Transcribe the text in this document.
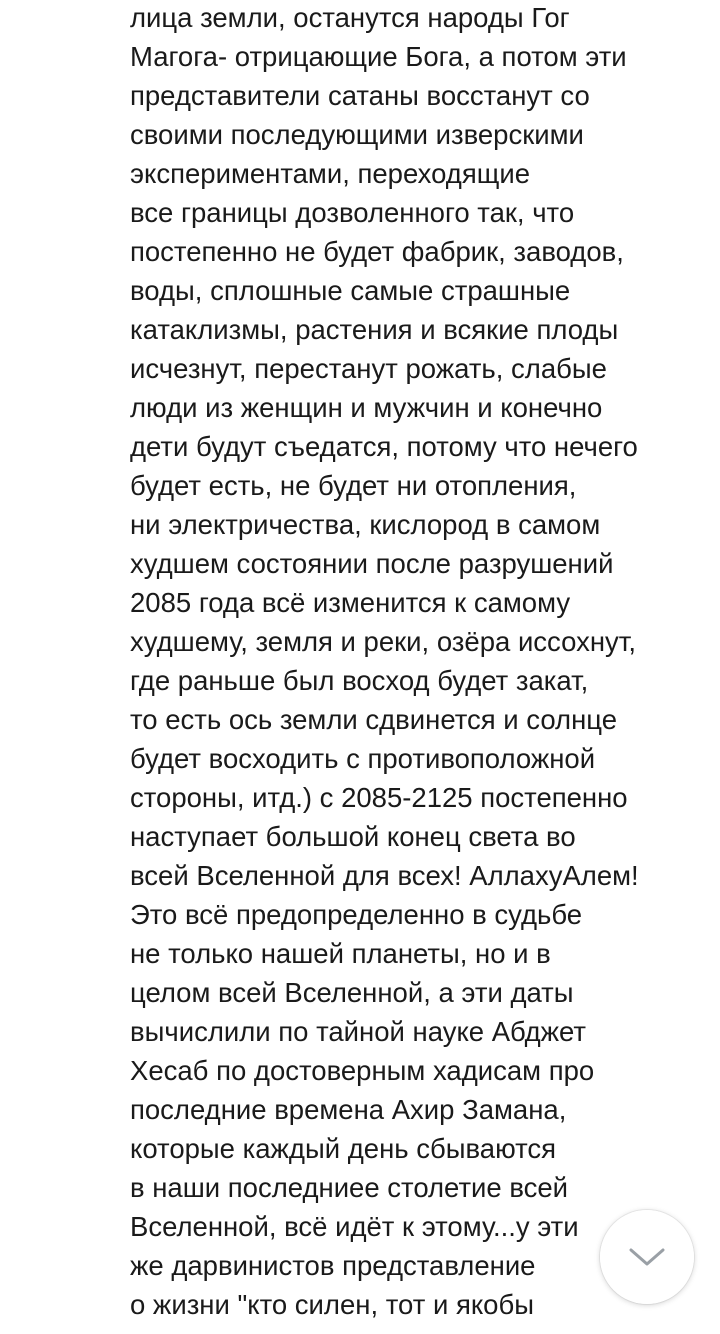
лица земли, останутся народы Гог
Магога- отрицающие Бога, а потом эти
представители сатаны восстанут со
своими последующими изверскими
экспериментами, переходящие
все границы дозволенного так, что
постепенно не будет фабрик, заводов,
воды, сплошные самые страшные
катаклизмы, растения и всякие плоды
исчезнут, перестанут рожать, слабые
люди из женщин и мужчин и конечно
дети будут съедатся, потому что нечего
будет есть, не будет ни отопления,
ни электричества, кислород в самом
худшем состоянии после разрушений
2085 года всё изменится к самому
худшему, земля и реки, озёра иссохнут,
где раньше был восход будет закат,
то есть ось земли сдвинется и солнце
будет восходить с противоположной
стороны, итд.) с 2085-2125 постепенно
наступает большой конец света во
всей Вселенной для всех! АллахуАлем!
Это всё предопределенно в судьбе
не только нашей планеты, но и в
целом всей Вселенной, а эти даты
вычислили по тайной науке Абджет
Хесаб по достоверным хадисам про
последние времена Ахир Замана,
которые каждый день сбываются
в наши последниее столетие всей
Вселенной, всё идёт к этому...у эти
же дарвинистов представление
о жизни "кто силен, тот и якобы
